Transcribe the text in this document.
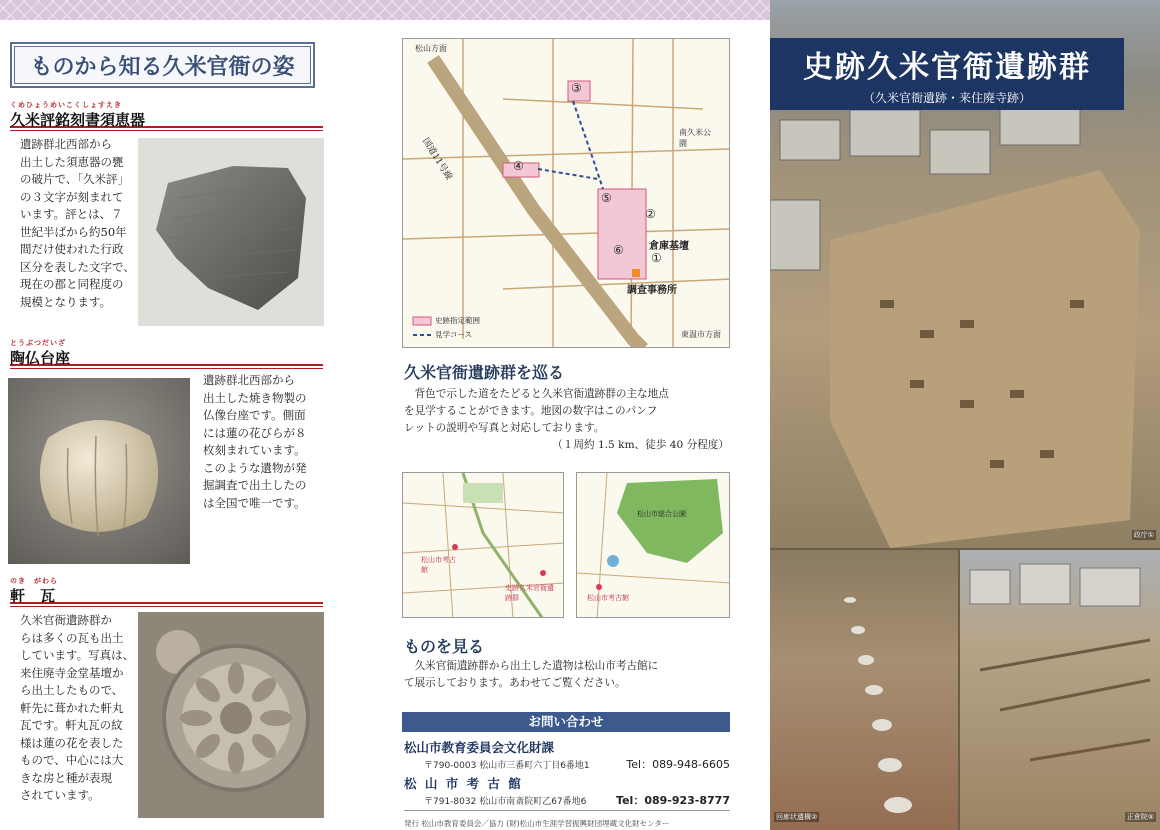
ものから知る久米官衙の姿
くめひょうめいこくしょすえき
久米評銘刻書須恵器
遺跡群北西部から
出土した須恵器の甕
の破片で、「久米評」
の３文字が刻まれて
います。評とは、７
世紀半ばから約50年
間だけ使われた行政
区分を表した文字で、
現在の郡と同程度の
規模となります。
とうぶつだいざ
陶仏台座
遺跡群北西部から
出土した焼き物製の
仏像台座です。側面
には蓮の花びらが８
枚刻まれています。
このような遺物が発
掘調査で出土したの
は全国で唯一です。
のき　がわら
軒　瓦
久米官衙遺跡群か
らは多くの瓦も出土
しています。写真は、
来住廃寺金堂基壇か
ら出土したもので、
軒先に葺かれた軒丸
瓦です。軒丸瓦の紋
様は蓮の花を表した
もので、中心には大
きな房と種が表現
されています。
松山方面
国道11号線
南久米公園
倉庫基壇
調査事務所
東温市方面
①
②
③
④
⑤
⑥
史跡指定範囲
見学コース
久米官衙遺跡群を巡る
　背色で示した道をたどると久米官衙遺跡群の主な地点
を見学することができます。地図の数字はこのパンフ
レットの説明や写真と対応しております。
（１周約 1.5 km、徒歩 40 分程度）
松山市考古館
史跡久米官衙遺跡群
松山市総合公園
松山市考古館
ものを見る
　久米官衙遺跡群から出土した遺物は松山市考古館に
て展示しております。あわせてご覧ください。
お問い合わせ
松山市教育委員会文化財課
〒790-0003 松山市三番町六丁目6番地1	Tel：089-948-6605
松 山 市 考 古 館
〒791-8032 松山市南斎院町乙67番地6	Tel：089-923-8777
発行 松山市教育委員会／協力 (財)松山市生涯学習振興財団埋蔵文化財センター
史跡久米官衙遺跡群
（久米官衙遺跡・来住廃寺跡）
政庁①
回廊状遺構②	正倉院⑤
